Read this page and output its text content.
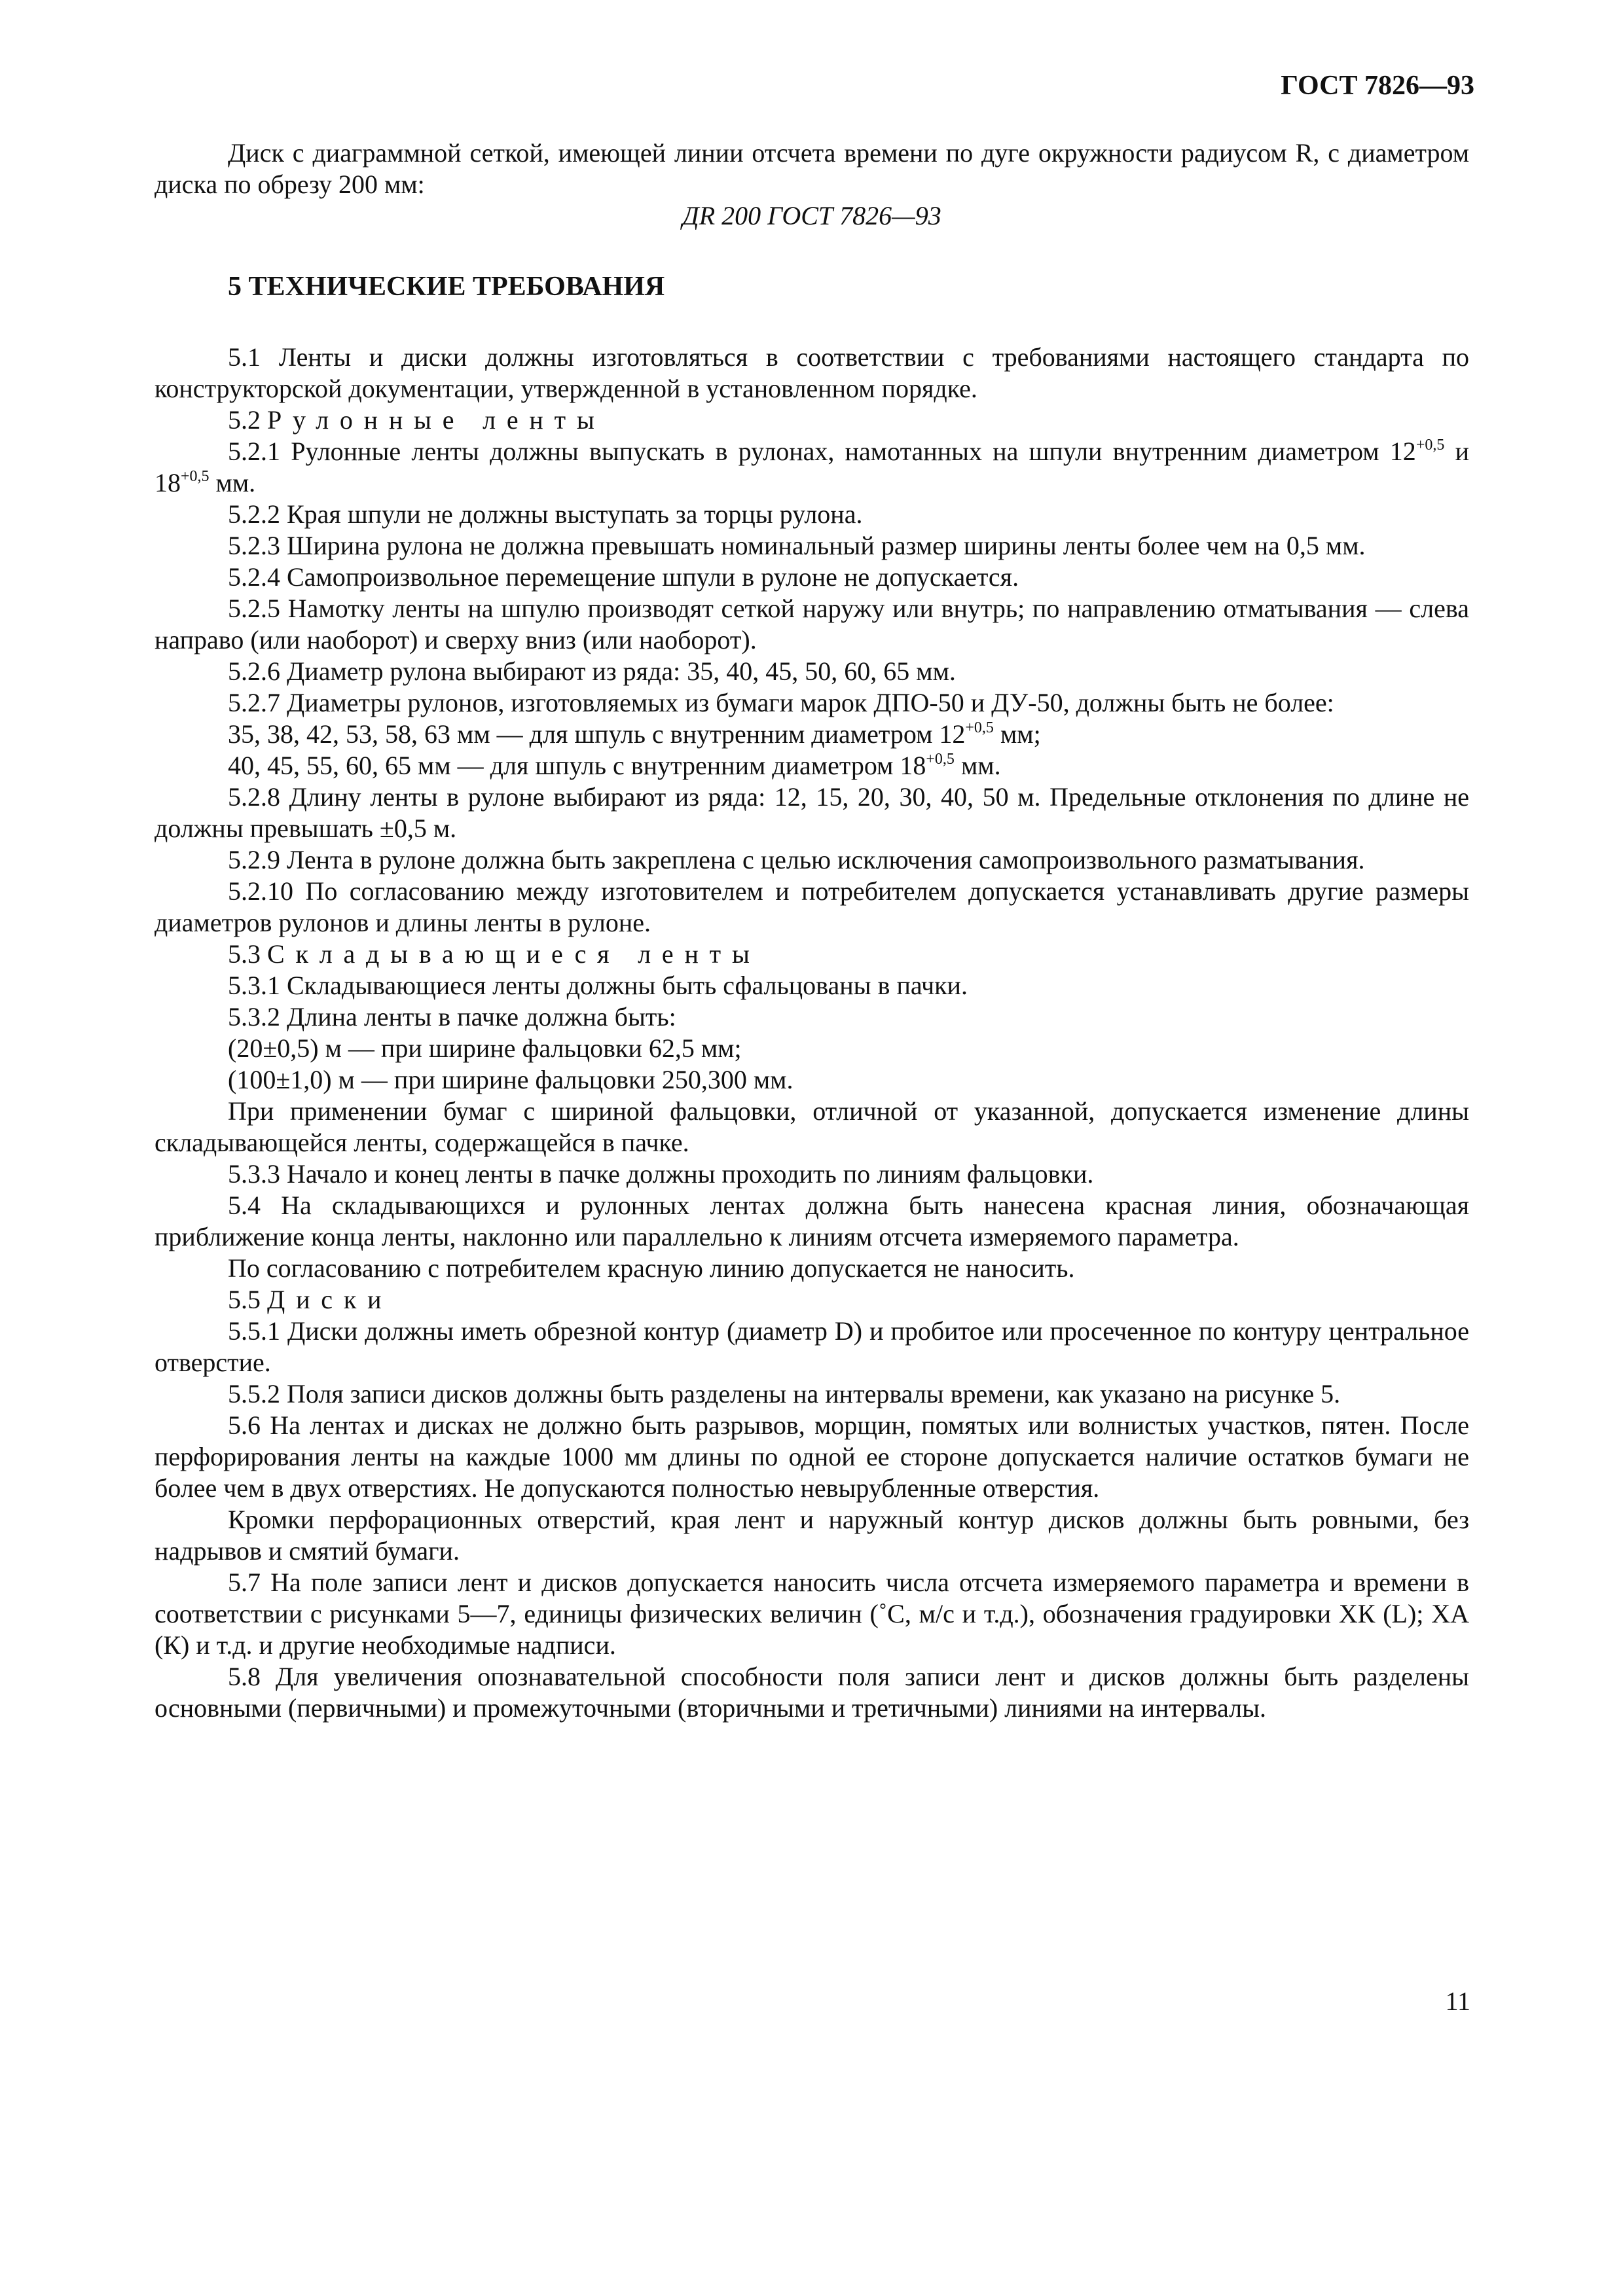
ГОСТ 7826—93

Диск с диаграммной сеткой, имеющей линии отсчета времени по дуге окружности радиусом R, с диаметром диска по обрезу 200 мм:

ДR 200 ГОСТ 7826—93
5 ТЕХНИЧЕСКИЕ ТРЕБОВАНИЯ

5.1 Ленты и диски должны изготовляться в соответствии с требованиями настоящего стандарта по конструкторской документации, утвержденной в установленном порядке.

5.2 Рулонные ленты

5.2.1 Рулонные ленты должны выпускать в рулонах, намотанных на шпули внутренним диаметром $12^{+0,5}$ и $18^{+0,5}$ мм.

5.2.2 Края шпули не должны выступать за торцы рулона.

5.2.3 Ширина рулона не должна превышать номинальный размер ширины ленты более чем на 0,5 мм.

5.2.4 Самопроизвольное перемещение шпули в рулоне не допускается.

5.2.5 Намотку ленты на шпулю производят сеткой наружу или внутрь; по направлению отматывания — слева направо (или наоборот) и сверху вниз (или наоборот).

5.2.6 Диаметр рулона выбирают из ряда: 35, 40, 45, 50, 60, 65 мм.

5.2.7 Диаметры рулонов, изготовляемых из бумаги марок ДПО-50 и ДУ-50, должны быть не более:

35, 38, 42, 53, 58, 63 мм — для шпуль с внутренним диаметром $12^{+0,5}$ мм;
40, 45, 55, 60, 65 мм — для шпуль с внутренним диаметром $18^{+0,5}$ мм.

5.2.8 Длину ленты в рулоне выбирают из ряда: 12, 15, 20, 30, 40, 50 м. Предельные отклонения по длине не должны превышать ±0,5 м.

5.2.9 Лента в рулоне должна быть закреплена с целью исключения самопроизвольного разматывания.

5.2.10 По согласованию между изготовителем и потребителем допускается устанавливать другие размеры диаметров рулонов и длины ленты в рулоне.

5.3 Складывающиеся ленты

5.3.1 Складывающиеся ленты должны быть сфальцованы в пачки.

5.3.2 Длина ленты в пачке должна быть:

(20±0,5) м — при ширине фальцовки 62,5 мм;
(100±1,0) м — при ширине фальцовки 250,300 мм.

При применении бумаг с шириной фальцовки, отличной от указанной, допускается изменение длины складывающейся ленты, содержащейся в пачке.

5.3.3 Начало и конец ленты в пачке должны проходить по линиям фальцовки.

5.4 На складывающихся и рулонных лентах должна быть нанесена красная линия, обозначающая приближение конца ленты, наклонно или параллельно к линиям отсчета измеряемого параметра.

По согласованию с потребителем красную линию допускается не наносить.

5.5 Диски

5.5.1 Диски должны иметь обрезной контур (диаметр D) и пробитое или просеченное по контуру центральное отверстие.

5.5.2 Поля записи дисков должны быть разделены на интервалы времени, как указано на рисунке 5.

5.6 На лентах и дисках не должно быть разрывов, морщин, помятых или волнистых участков, пятен. После перфорирования ленты на каждые 1000 мм длины по одной ее стороне допускается наличие остатков бумаги не более чем в двух отверстиях. Не допускаются полностью невырубленные отверстия.

Кромки перфорационных отверстий, края лент и наружный контур дисков должны быть ровными, без надрывов и смятий бумаги.

5.7 На поле записи лент и дисков допускается наносить числа отсчета измеряемого параметра и времени в соответствии с рисунками 5—7, единицы физических величин (˚С, м/с и т.д.), обозначения градуировки ХК (L); ХА (К) и т.д. и другие необходимые надписи.

5.8 Для увеличения опознавательной способности поля записи лент и дисков должны быть разделены основными (первичными) и промежуточными (вторичными и третичными) линиями на интервалы.

11
